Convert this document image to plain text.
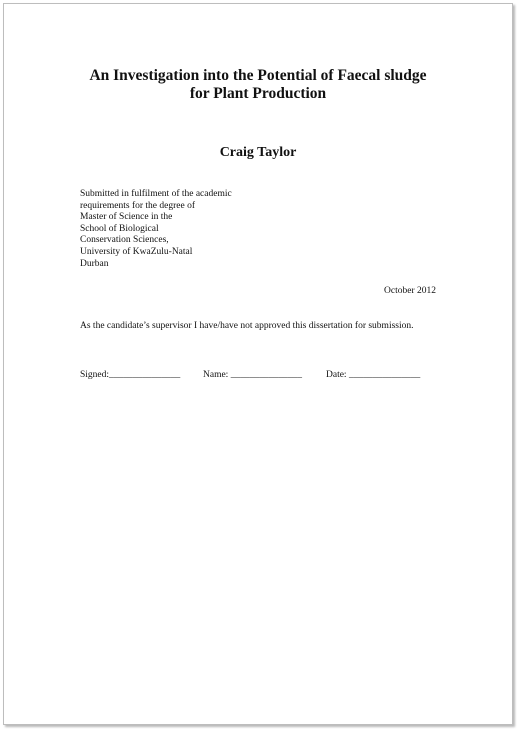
An Investigation into the Potential of Faecal sludge
for Plant Production
Craig Taylor
Submitted in fulfilment of the academic
requirements for the degree of
Master of Science in the
School of Biological
Conservation Sciences,
University of KwaZulu-Natal
Durban
October 2012
As the candidate’s supervisor I have/have not approved this dissertation for submission.
Signed:_______________ Name: _______________	Date: _______________
